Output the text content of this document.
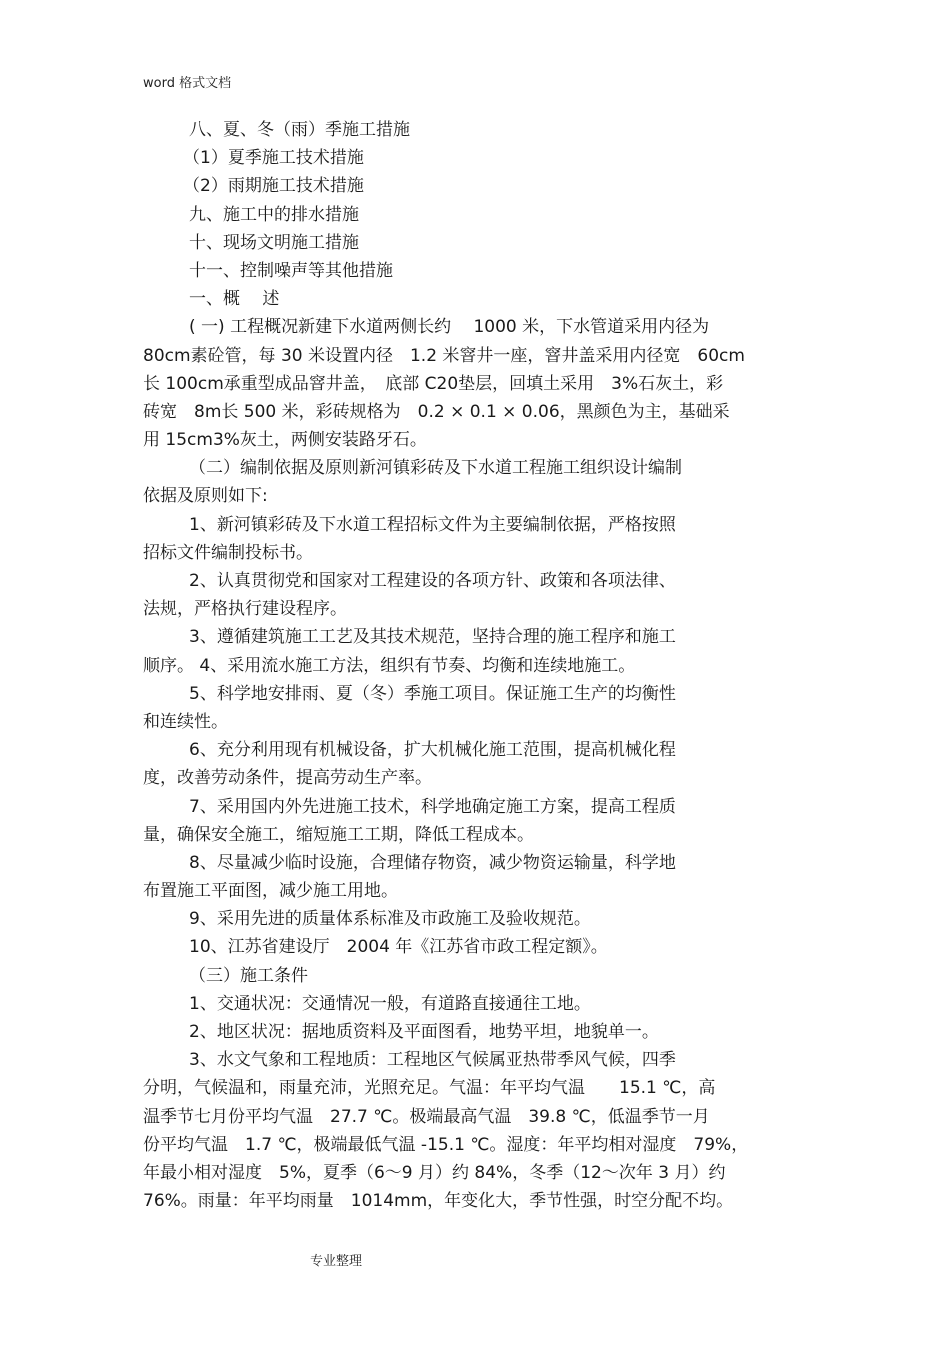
word 格式文档
八、夏、冬（雨）季施工措施
（1）夏季施工技术措施
（2）雨期施工技术措施
九、施工中的排水措施
十、现场文明施工措施
十一、控制噪声等其他措施
一、概　 述
( 一) 工程概况新建下水道两侧长约　 1000 米，下水管道采用内径为
80cm素砼管，每 30 米设置内径　1.2 米窨井一座，窨井盖采用内径宽　60cm
长 100cm承重型成品窨井盖，　底部 C20垫层，回填土采用　3%石灰土，彩
砖宽　8m长 500 米，彩砖规格为　0.2 × 0.1 × 0.06，黑颜色为主，基础采
用 15cm3%灰土，两侧安装路牙石。
（二）编制依据及原则新河镇彩砖及下水道工程施工组织设计编制
依据及原则如下:
1、新河镇彩砖及下水道工程招标文件为主要编制依据，严格按照
招标文件编制投标书。
2、认真贯彻党和国家对工程建设的各项方针、政策和各项法律、
法规，严格执行建设程序。
3、遵循建筑施工工艺及其技术规范，坚持合理的施工程序和施工
顺序。 4、采用流水施工方法，组织有节奏、均衡和连续地施工。
5、科学地安排雨、夏（冬）季施工项目。保证施工生产的均衡性
和连续性。
6、充分利用现有机械设备，扩大机械化施工范围，提高机械化程
度，改善劳动条件，提高劳动生产率。
7、采用国内外先进施工技术，科学地确定施工方案，提高工程质
量，确保安全施工，缩短施工工期，降低工程成本。
8、尽量减少临时设施，合理储存物资，减少物资运输量，科学地
布置施工平面图，减少施工用地。
9、采用先进的质量体系标准及市政施工及验收规范。
10、江苏省建设厅　2004 年《江苏省市政工程定额》。
（三）施工条件
1、交通状况：交通情况一般，有道路直接通往工地。
2、地区状况：据地质资料及平面图看，地势平坦，地貌单一。
3、水文气象和工程地质：工程地区气候属亚热带季风气候，四季
分明，气候温和，雨量充沛，光照充足。气温：年平均气温　　15.1 ℃，高
温季节七月份平均气温　27.7 ℃。极端最高气温　39.8 ℃，低温季节一月
份平均气温　1.7 ℃，极端最低气温 -15.1 ℃。湿度：年平均相对湿度　79%，
年最小相对湿度　5%，夏季（6～9 月）约 84%，冬季（12～次年 3 月）约
76%。雨量：年平均雨量　1014mm，年变化大，季节性强，时空分配不均。
专业整理
